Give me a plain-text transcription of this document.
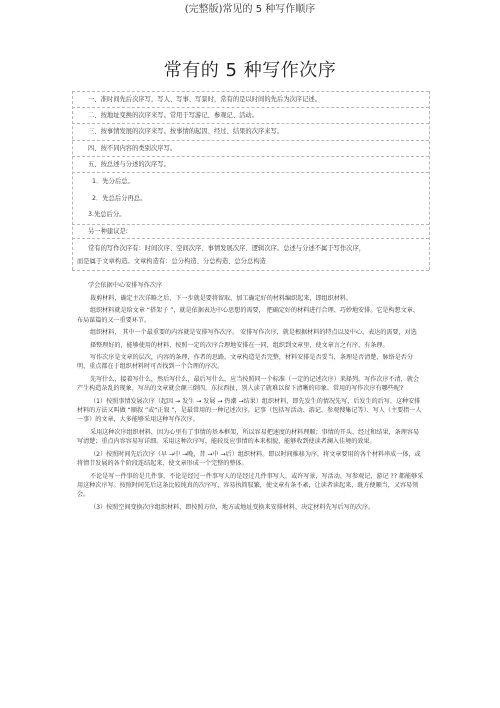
(完整版)常见的 5 种写作顺序
常有的 5 种写作次序
一、准时间先后次序写，写人、写事、写景时，常有的是以时间的先后为次序记述。
二、按地址变换的次序来写。常用于写游记、参观记、活动。
三、按事情发展的次序来写。按事情的起因、经过、结果的次序来写。
四、按不同内容的类别次序写。
五、按总述与分述的次序写。
1．先分后总。
2．先总后分再总。
3.先总后分。
另一种建议是:
常有的写作次序有：时间次序、空间次序、事情发展次序、逻辑次序。总述与分述不属于写作次序，
而是属于文章构造。文章构造有：总分构造、分总构造、总分总构造
学会依据中心安排写作次序

裁剪材料，确定主次详略之后，下一步就是要将留取、加工确定好的材料编织起来，即组织材料。

组织材料就是给文章 “搭架子 ”，就是依据表达中心思想的需要， 把确定好的材料进行合理、巧妙地安排。它是构想文章、布局谋篇的又一重要环节。

组织材料， 其中一个最重要的内容就是安排写作次序。 安排写作次序，就是根据材料的特点以及中心、表达的需要，对选

择整理好的，能够使用的材料，按照一定的次序合理地安排在一同，组织到文章里，使文章言之有序，有条理。

写作次序是文章的层次，内容的条理，作者的思路。文章构造是否完整，材料安排是否妥当，条理是否清楚，脉络是否分明，重点都在于组织材料时可否找到一个合理的序次。

先写什么，接着写什么，然后写什么，最后写什么，应当按照同一个标准（一定的记述次序）来择列。写作次序不清，就会产生构造杂乱的现象，写出的文章就会颠三倒四，东拉西扯，别人读了就难以留下清晰的印象。常用的写作次序有哪些呢?

（1）按照事情发展次序（起因 → 发生 → 发展 → 热潮 →结果）组织材料，即先发生的情况先写，后发生的后写，这种安排材料的方法又叫做 “顺叙 ”或“正叙 ”，是最常用的一种记述次序。记事（包括写活动、游记、参观搜集记等）、写人（主要指一人一事）的文章，大多能够采用这种写作次序。

采用这种次序组织材料，因为心里有了事情的基本框架，所以容易把速度的材料理顺；事情的开头、经过和结果，条理容易写清楚；重点内容容易写详细。采用这种次序写，能较反应事情的本来相貌，能够收到使读者澜入佳境的效果。

（2）按照时间先后次序（早 →中 →晚，昔 →中 →后）组织材料。即以时间推移为序，将文章要用的各个材料串成一体，或将情节发展的各个阶段连结起来，使文章形成一个完整的整体。

不论是写一件事的是几件事，不论是经过一件事写人的是经过几件事写人，或许写景，写活动，写参观记，游记 ?? 都能够采用这种次序写。按照时间先后这条比较纯真的次序写，容易执简驭繁，使文章有条不紊，让读者读起来，既方便顺当，又容易领会。

（3）按照空间变换次序组织材料，即按照方位，地方或地址变换来安排材料，决定材料先写后写的次序。
